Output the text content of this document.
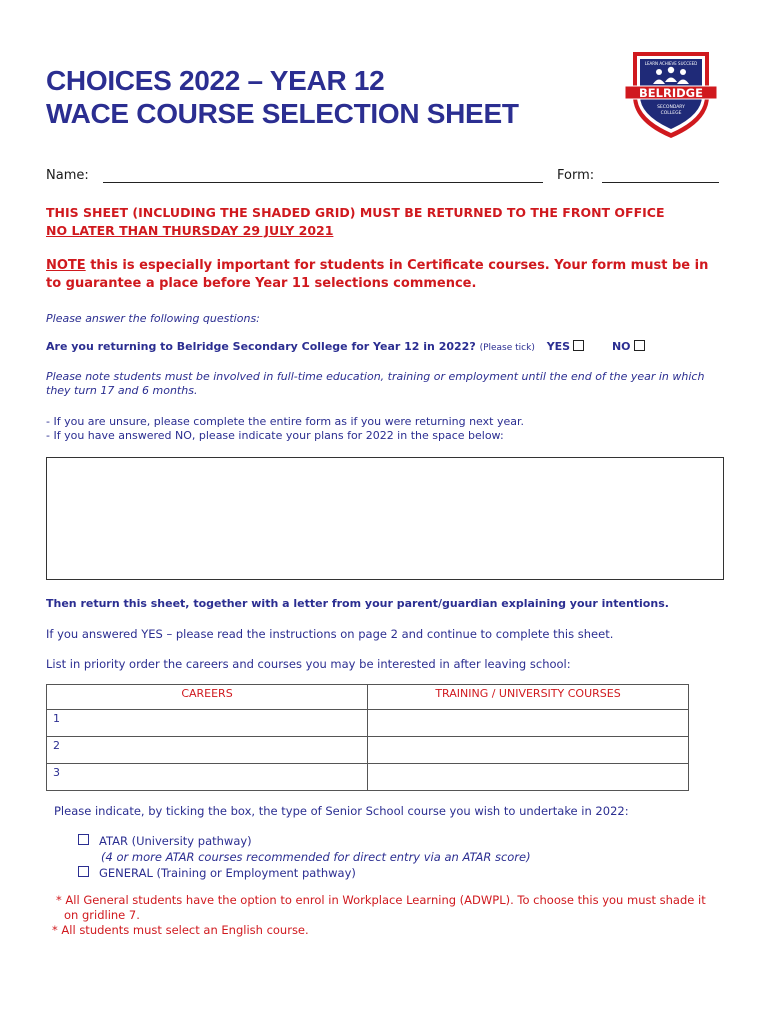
CHOICES 2022 – YEAR 12
WACE COURSE SELECTION SHEET
LEARN ACHIEVE SUCCEED
BELRIDGE
SECONDARY
COLLEGE
Name:	Form:
THIS SHEET (INCLUDING THE SHADED GRID) MUST BE RETURNED TO THE FRONT OFFICE
NO LATER THAN THURSDAY 29 JULY 2021
NOTE this is especially important for students in Certificate courses. Your form must be in to guarantee a place before Year 11 selections commence.
Please answer the following questions:
Are you returning to Belridge Secondary College for Year 12 in 2022? (Please tick) YES	NO
Please note students must be involved in full-time education, training or employment until the end of the year in which they turn 17 and 6 months.
- If you are unsure, please complete the entire form as if you were returning next year.
- If you have answered NO, please indicate your plans for 2022 in the space below:
Then return this sheet, together with a letter from your parent/guardian explaining your intentions.
If you answered YES – please read the instructions on page 2 and continue to complete this sheet.
List in priority order the careers and courses you may be interested in after leaving school:
CAREERS	TRAINING / UNIVERSITY COURSES
1	
2	
3	
Please indicate, by ticking the box, the type of Senior School course you wish to undertake in 2022:
ATAR (University pathway)
(4 or more ATAR courses recommended for direct entry via an ATAR score)
GENERAL (Training or Employment pathway)
* All General students have the option to enrol in Workplace Learning (ADWPL). To choose this you must shade it on gridline 7.
* All students must select an English course.
